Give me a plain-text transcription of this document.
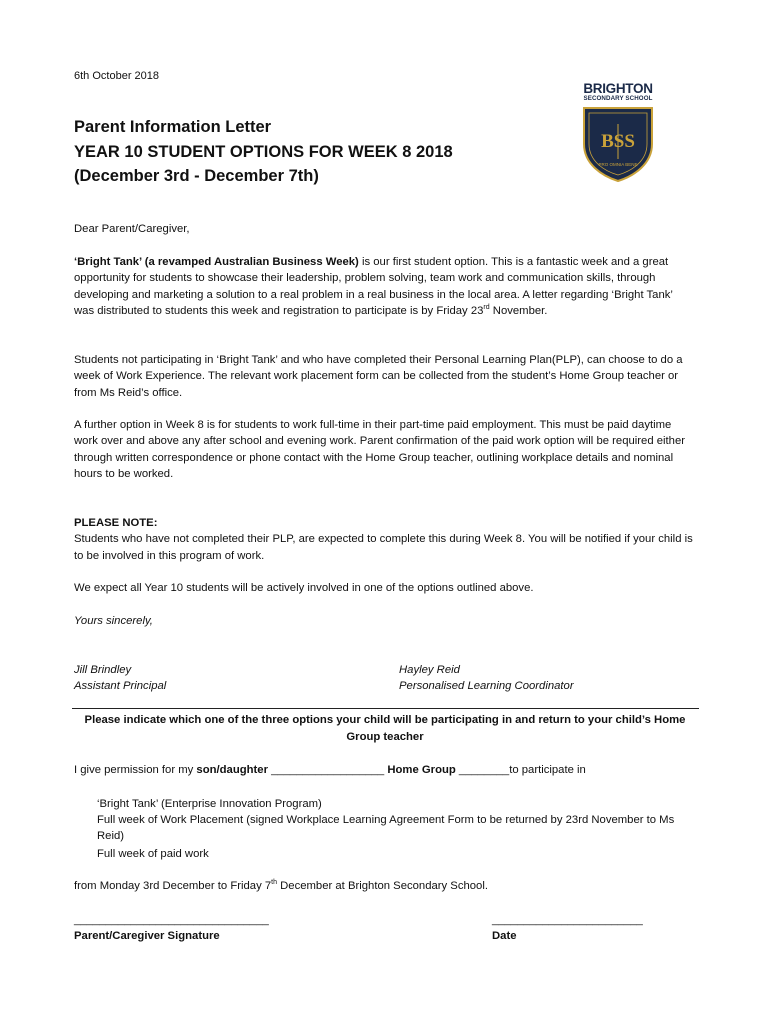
6th October 2018
BRIGHTON
SECONDARY SCHOOL
BSS
PRO OMNIA BENE
Parent Information Letter
YEAR 10 STUDENT OPTIONS FOR WEEK 8 2018
(December 3rd - December 7th)
Dear Parent/Caregiver,
‘Bright Tank’ (a revamped Australian Business Week) is our first student option. This is a fantastic week and a great opportunity for students to showcase their leadership, problem solving, team work and communication skills, through developing and marketing a solution to a real problem in a real business in the local area. A letter regarding ‘Bright Tank’ was distributed to students this week and registration to participate is by Friday 23rd November.
Students not participating in ‘Bright Tank’ and who have completed their Personal Learning Plan(PLP), can choose to do a week of Work Experience. The relevant work placement form can be collected from the student’s Home Group teacher or from Ms Reid’s office.
A further option in Week 8 is for students to work full-time in their part-time paid employment. This must be paid daytime work over and above any after school and evening work. Parent confirmation of the paid work option will be required either through written correspondence or phone contact with the Home Group teacher, outlining workplace details and nominal hours to be worked.
PLEASE NOTE:
Students who have not completed their PLP, are expected to complete this during Week 8. You will be notified if your child is to be involved in this program of work.
We expect all Year 10 students will be actively involved in one of the options outlined above.
Yours sincerely,
Jill Brindley
Assistant Principal
Hayley Reid
Personalised Learning Coordinator
Please indicate which one of the three options your child will be participating in and return to your child’s Home Group teacher
I give permission for my son/daughter __________________ Home Group ________to participate in
‘Bright Tank’ (Enterprise Innovation Program)
Full week of Work Placement (signed Workplace Learning Agreement Form to be returned by 23rd November to Ms Reid)
Full week of paid work
from Monday 3rd December to Friday 7th December at Brighton Secondary School.
_______________________________
Parent/Caregiver Signature
________________________
Date
